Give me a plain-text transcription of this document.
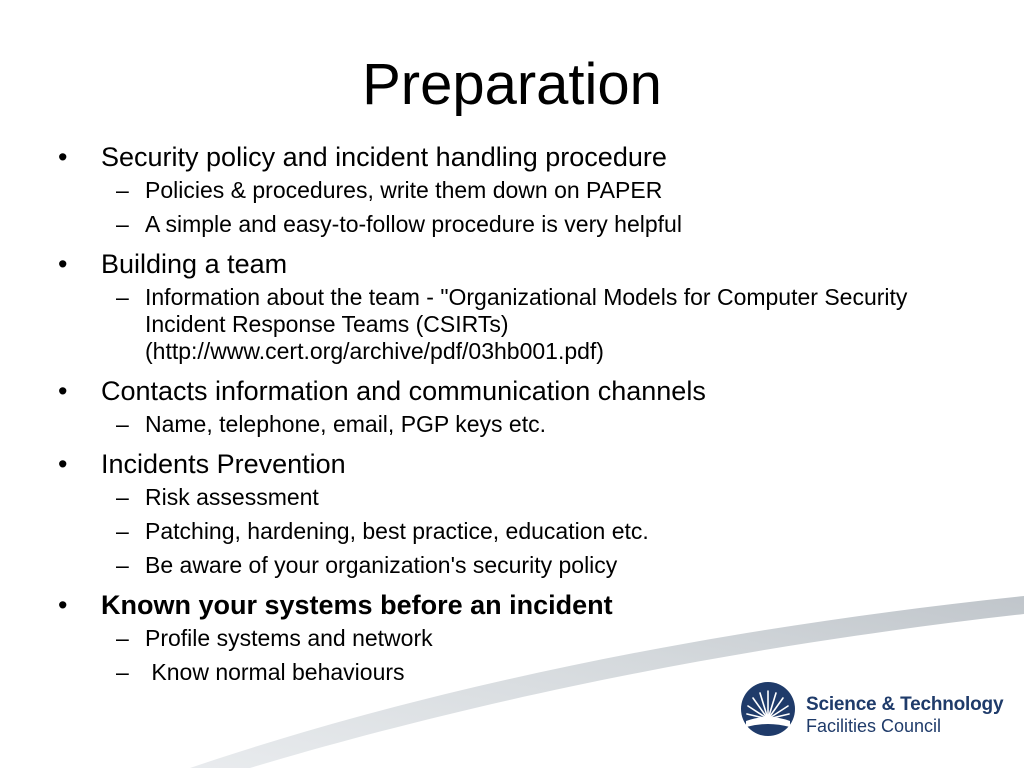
Preparation
•	Security policy and incident handling procedure
– Policies & procedures, write them down on PAPER
– A simple and easy-to-follow procedure is very helpful
•	Building a team
– Information about the team - "Organizational Models for Computer Security Incident Response Teams (CSIRTs) (http://www.cert.org/archive/pdf/03hb001.pdf)
•	Contacts information and communication channels
– Name, telephone, email, PGP keys etc.
•	Incidents Prevention
– Risk assessment
– Patching, hardening, best practice, education etc.
– Be aware of your organization's security policy
•	Known your systems before an incident
– Profile systems and network
– Know normal behaviours
Science & Technology
Facilities Council
